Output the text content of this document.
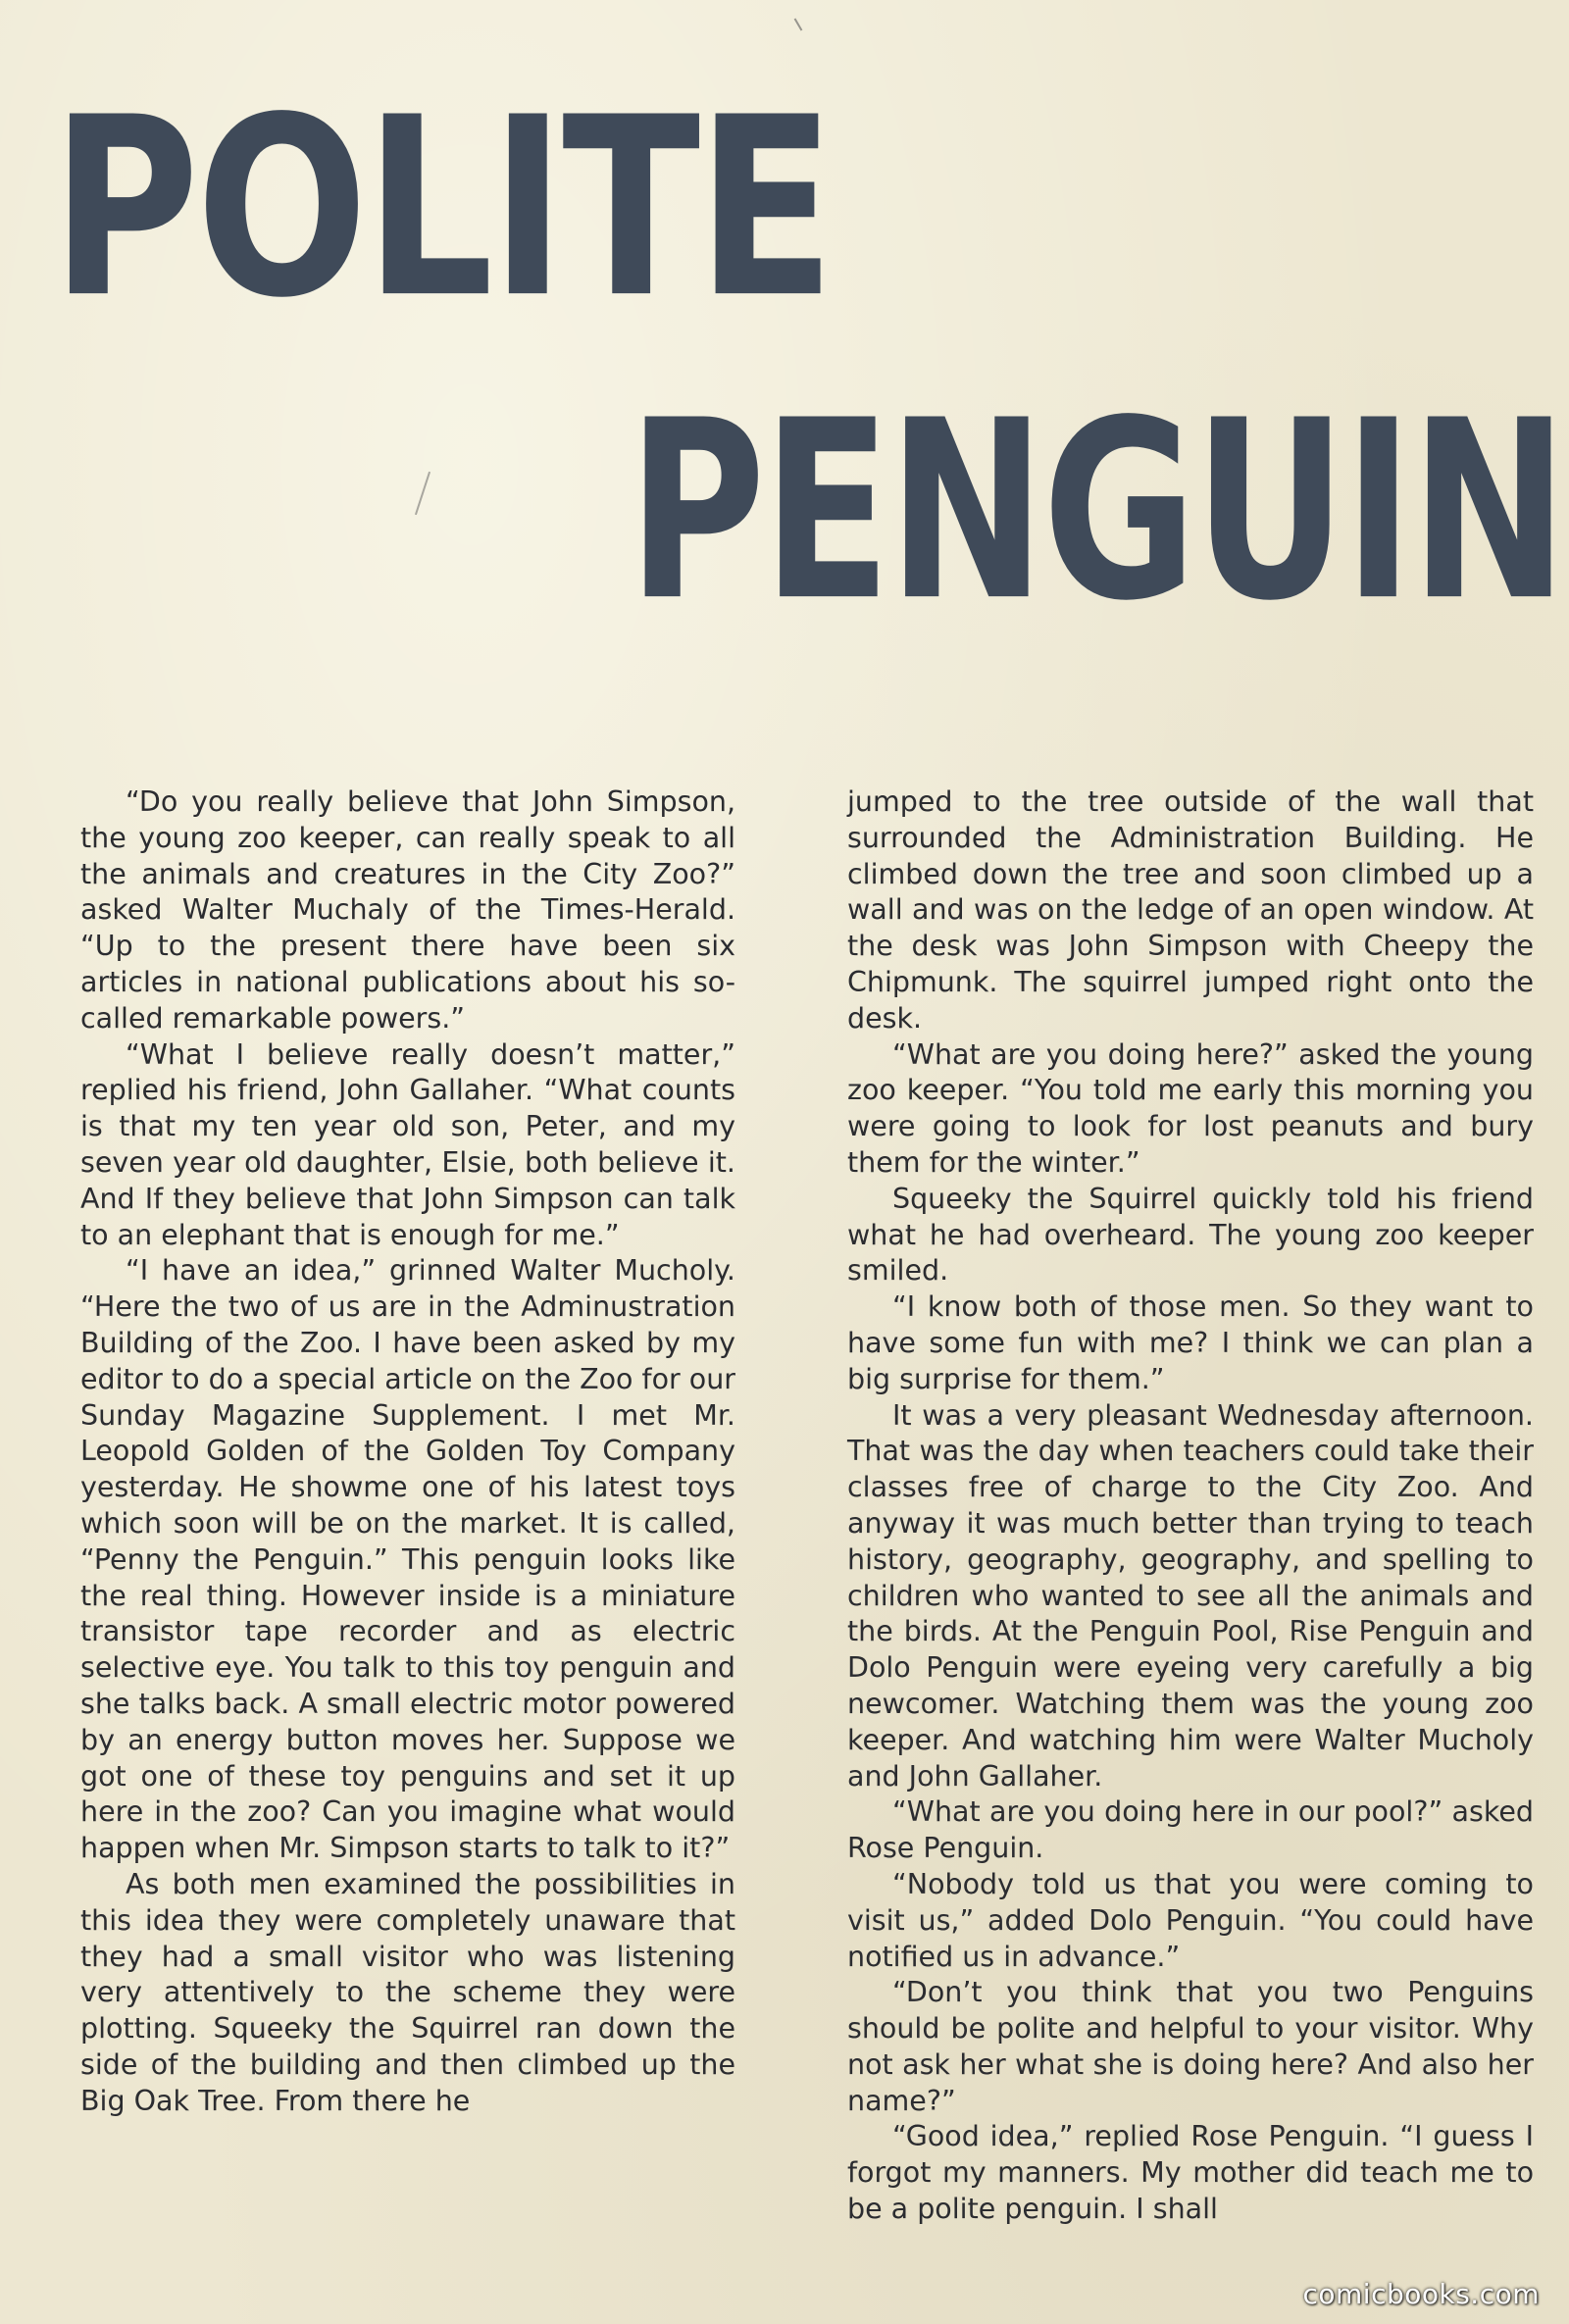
POLITE
PENGUIN

“Do you really believe that John Simpson, the young zoo keeper, can really speak to all the animals and creatures in the City Zoo?” asked Walter Muchaly of the Times-Herald. “Up to the present there have been six articles in national publications about his so-called remarkable powers.”

“What I believe really doesn’t matter,” replied his friend, John Gallaher. “What counts is that my ten year old son, Peter, and my seven year old daughter, Elsie, both believe it. And If they believe that John Simpson can talk to an elephant that is enough for me.”

“I have an idea,” grinned Walter Mucholy. “Here the two of us are in the Adminustration Building of the Zoo. I have been asked by my editor to do a special article on the Zoo for our Sunday Magazine Supplement. I met Mr. Leopold Golden of the Golden Toy Company yesterday. He showme one of his latest toys which soon will be on the market. It is called, “Penny the Penguin.” This penguin looks like the real thing. However inside is a miniature transistor tape recorder and as electric selective eye. You talk to this toy penguin and she talks back. A small electric motor powered by an energy button moves her. Suppose we got one of these toy penguins and set it up here in the zoo? Can you imagine what would happen when Mr. Simpson starts to talk to it?”

As both men examined the possibilities in this idea they were completely unaware that they had a small visitor who was listening very attentively to the scheme they were plotting. Squeeky the Squirrel ran down the side of the building and then climbed up the Big Oak Tree. From there he

jumped to the tree outside of the wall that surrounded the Administration Building. He climbed down the tree and soon climbed up a wall and was on the ledge of an open window. At the desk was John Simpson with Cheepy the Chipmunk. The squirrel jumped right onto the desk.

“What are you doing here?” asked the young zoo keeper. “You told me early this morning you were going to look for lost peanuts and bury them for the winter.”

Squeeky the Squirrel quickly told his friend what he had overheard. The young zoo keeper smiled.

“I know both of those men. So they want to have some fun with me? I think we can plan a big surprise for them.”

It was a very pleasant Wednesday afternoon. That was the day when teachers could take their classes free of charge to the City Zoo. And anyway it was much better than trying to teach history, geography, geography, and spelling to children who wanted to see all the animals and the birds. At the Penguin Pool, Rise Penguin and Dolo Penguin were eyeing very carefully a big newcomer. Watching them was the young zoo keeper. And watching him were Walter Mucholy and John Gallaher.

“What are you doing here in our pool?” asked Rose Penguin.

“Nobody told us that you were coming to visit us,” added Dolo Penguin. “You could have notified us in advance.”

“Don’t you think that you two Penguins should be polite and helpful to your visitor. Why not ask her what she is doing here? And also her name?”

“Good idea,” replied Rose Penguin. “I guess I forgot my manners. My mother did teach me to be a polite penguin. I shall

comicbooks.com
